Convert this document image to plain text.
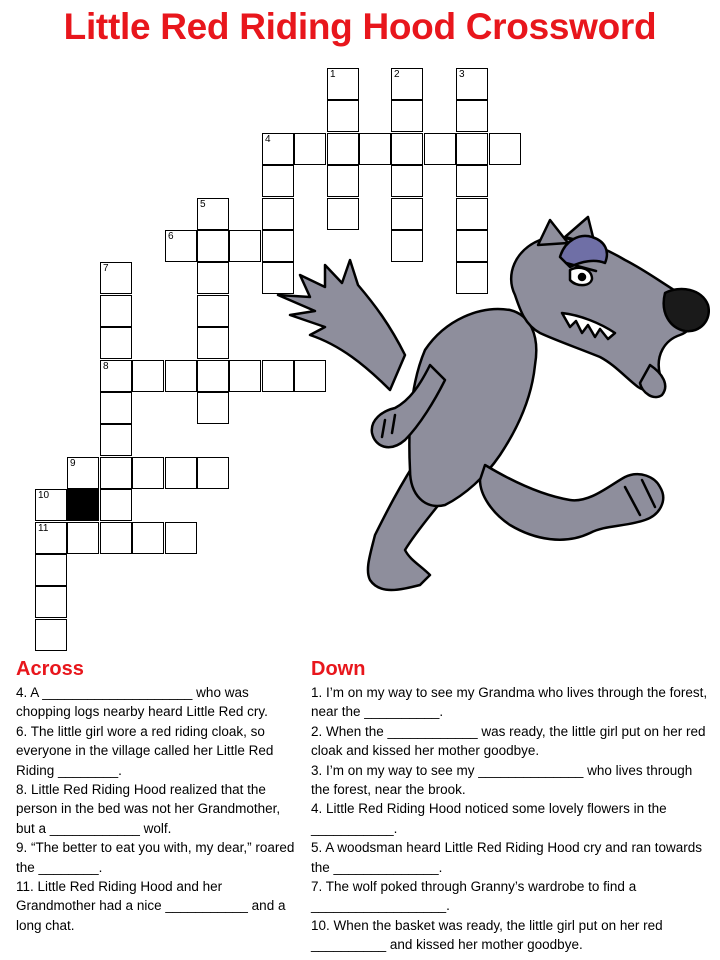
Little Red Riding Hood Crossword
1	2	3
4
5
6
7
8
9
10
11
Across

4. A ____________________ who was chopping logs nearby heard Little Red cry.

6. The little girl wore a red riding cloak, so everyone in the village called her Little Red Riding ________.

8. Little Red Riding Hood realized that the person in the bed was not her Grandmother, but a ____________ wolf.

9. “The better to eat you with, my dear,” roared the ________.

11. Little Red Riding Hood and her Grandmother had a nice ___________ and a long chat.

Down

1. I’m on my way to see my Grandma who lives through the forest, near the __________.

2. When the ____________ was ready, the little girl put on her red cloak and kissed her mother goodbye.

3. I’m on my way to see my ______________ who lives through the forest, near the brook.

4. Little Red Riding Hood noticed some lovely flowers in the ___________.

5. A woodsman heard Little Red Riding Hood cry and ran towards the ______________.

7. The wolf poked through Granny’s wardrobe to find a __________________.

10. When the basket was ready, the little girl put on her red __________ and kissed her mother goodbye.
